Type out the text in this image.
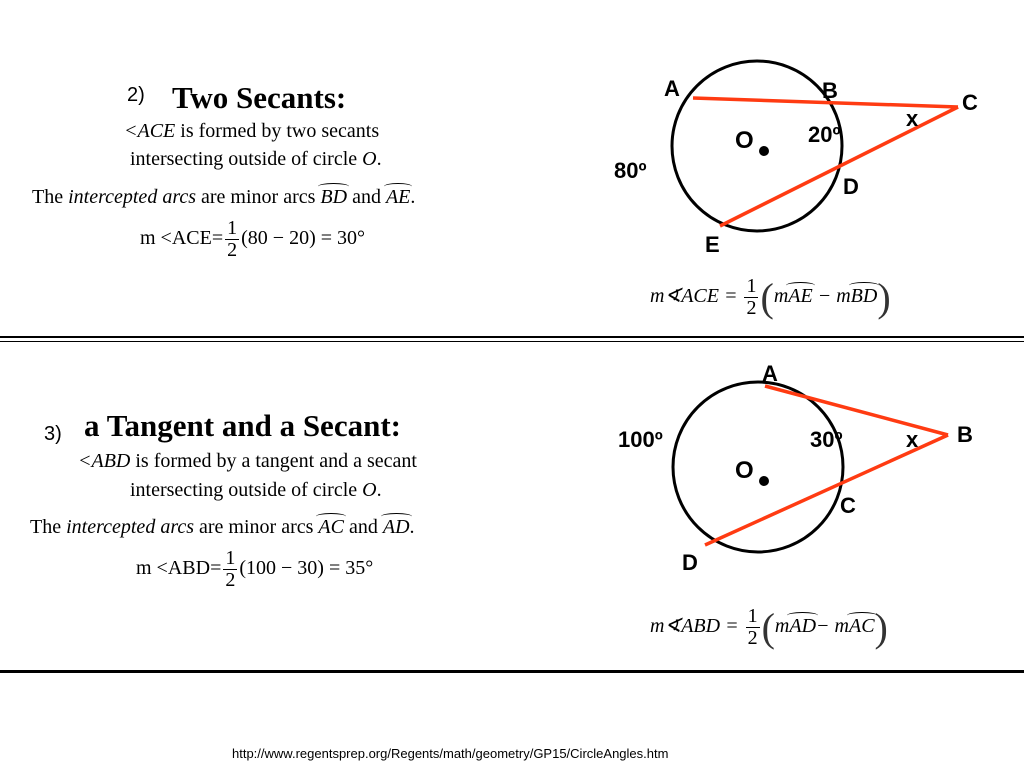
2) Two Secants:
<ACE is formed by two secants
intersecting outside of circle O.
The intercepted arcs are minor arcs BD and AE.
$m <ACE= \frac{1}{2} (80 - 20) = 30^\circ$
A	B	C
D
E
O
80º
20º
x
m∢ACE = $\frac{1}{2} (mAE - mBD)$
3) a Tangent and a Secant:
<ABD is formed by a tangent and a secant
intersecting outside of circle O.
The intercepted arcs are minor arcs AC and AD.
$m <ABD= \frac{1}{2} (100 - 30) = 35^\circ$
A
B
C
D
O
100º	30º	x
m∢ABD = $\frac{1}{2} (mAD- mAC)$
http://www.regentsprep.org/Regents/math/geometry/GP15/CircleAngles.htm
